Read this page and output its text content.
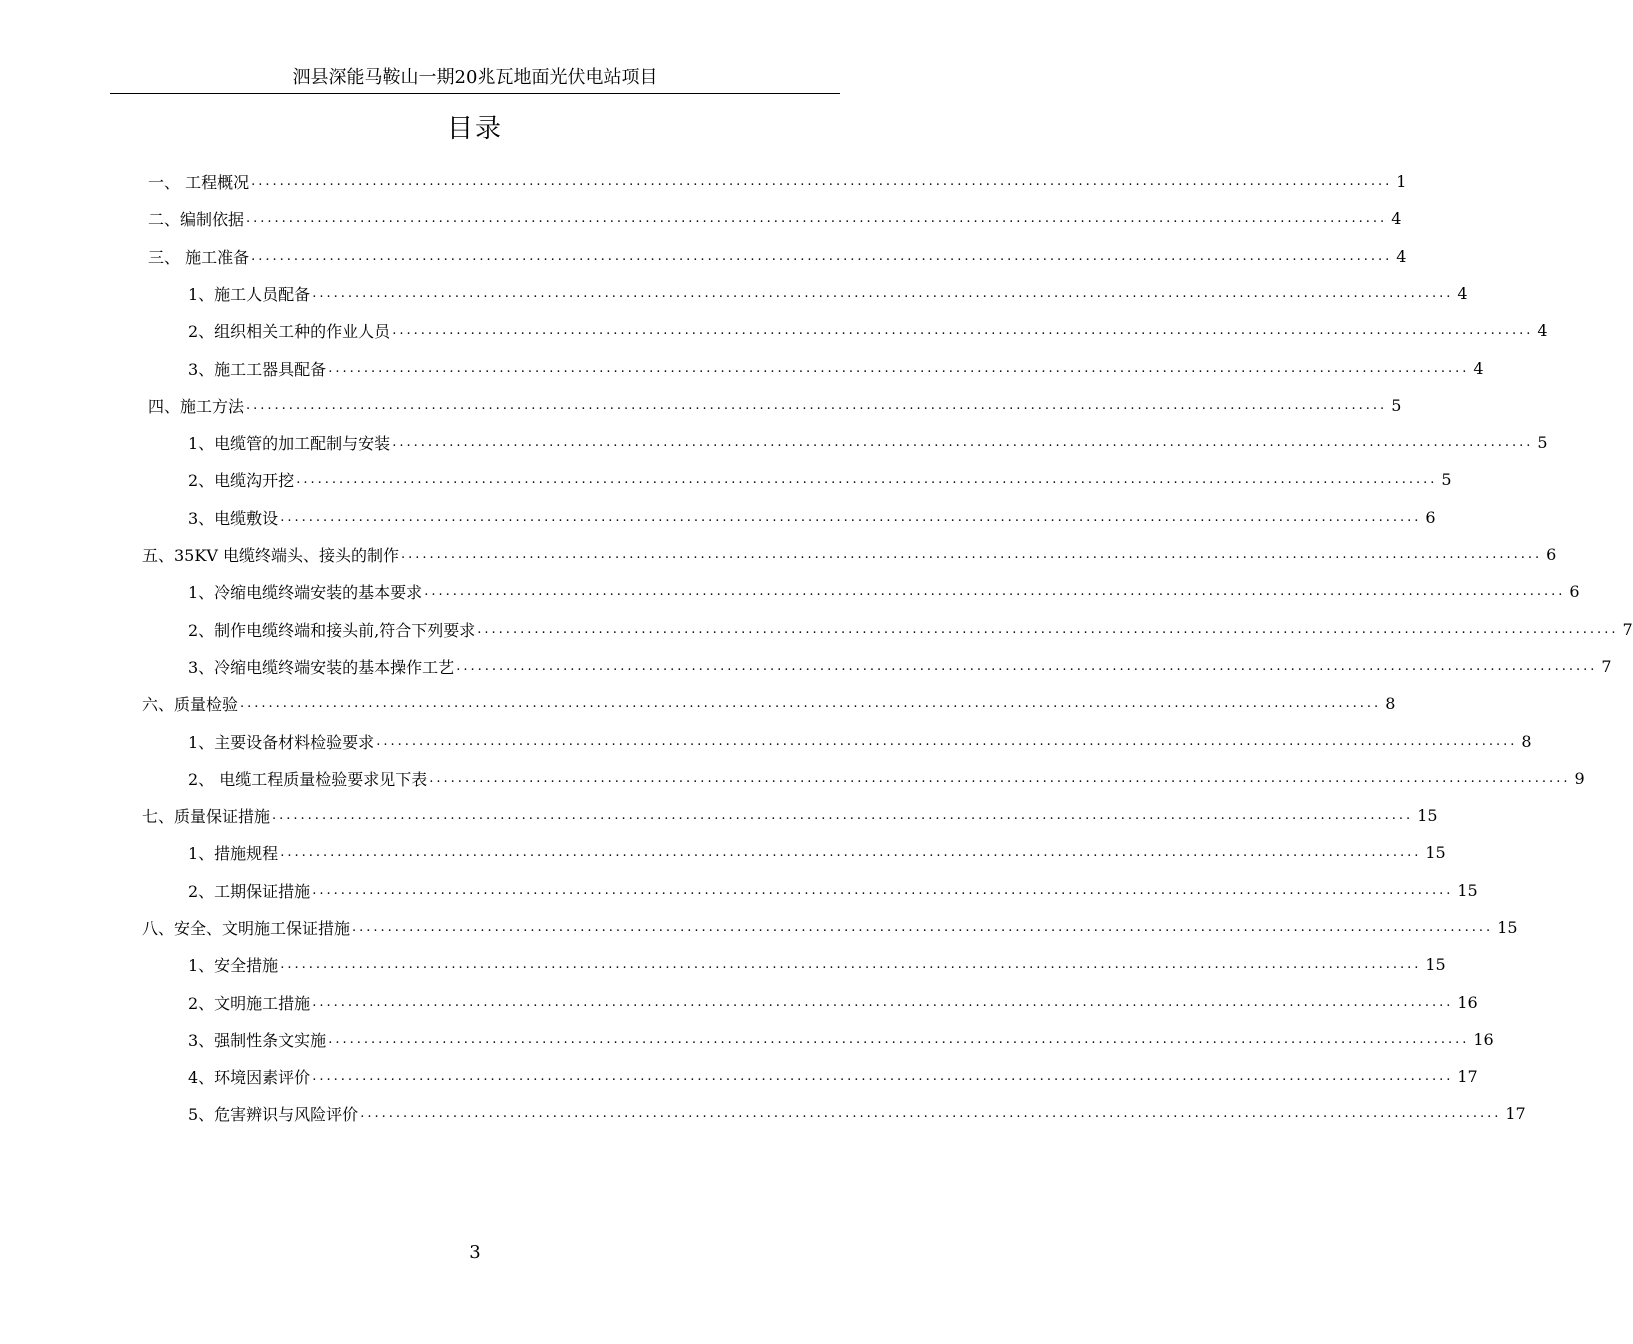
泗县深能马鞍山一期20兆瓦地面光伏电站项目
目录
一、 工程概况 ................................................................................................................................................................ 1
二、编制依据 ................................................................................................................................................................ 4
三、 施工准备 ................................................................................................................................................................ 4
1、施工人员配备 ................................................................................................................................................................ 4
2、组织相关工种的作业人员 ................................................................................................................................................................ 4
3、施工工器具配备 ................................................................................................................................................................ 4
四、施工方法 ................................................................................................................................................................ 5
1、电缆管的加工配制与安装 ................................................................................................................................................................ 5
2、电缆沟开挖 ................................................................................................................................................................ 5
3、电缆敷设 ................................................................................................................................................................ 6
五、35KV 电缆终端头、接头的制作 ................................................................................................................................................................ 6
1、冷缩电缆终端安装的基本要求 ................................................................................................................................................................ 6
2、制作电缆终端和接头前,符合下列要求 ................................................................................................................................................................ 7
3、冷缩电缆终端安装的基本操作工艺 ................................................................................................................................................................ 7
六、质量检验 ................................................................................................................................................................ 8
1、主要设备材料检验要求 ................................................................................................................................................................ 8
2、 电缆工程质量检验要求见下表 ................................................................................................................................................................ 9
七、质量保证措施 ................................................................................................................................................................ 15
1、措施规程 ................................................................................................................................................................ 15
2、工期保证措施 ................................................................................................................................................................ 15
八、安全、文明施工保证措施 ................................................................................................................................................................ 15
1、安全措施 ................................................................................................................................................................ 15
2、文明施工措施 ................................................................................................................................................................ 16
3、强制性条文实施 ................................................................................................................................................................ 16
4、环境因素评价 ................................................................................................................................................................ 17
5、危害辨识与风险评价 ................................................................................................................................................................ 17
3
